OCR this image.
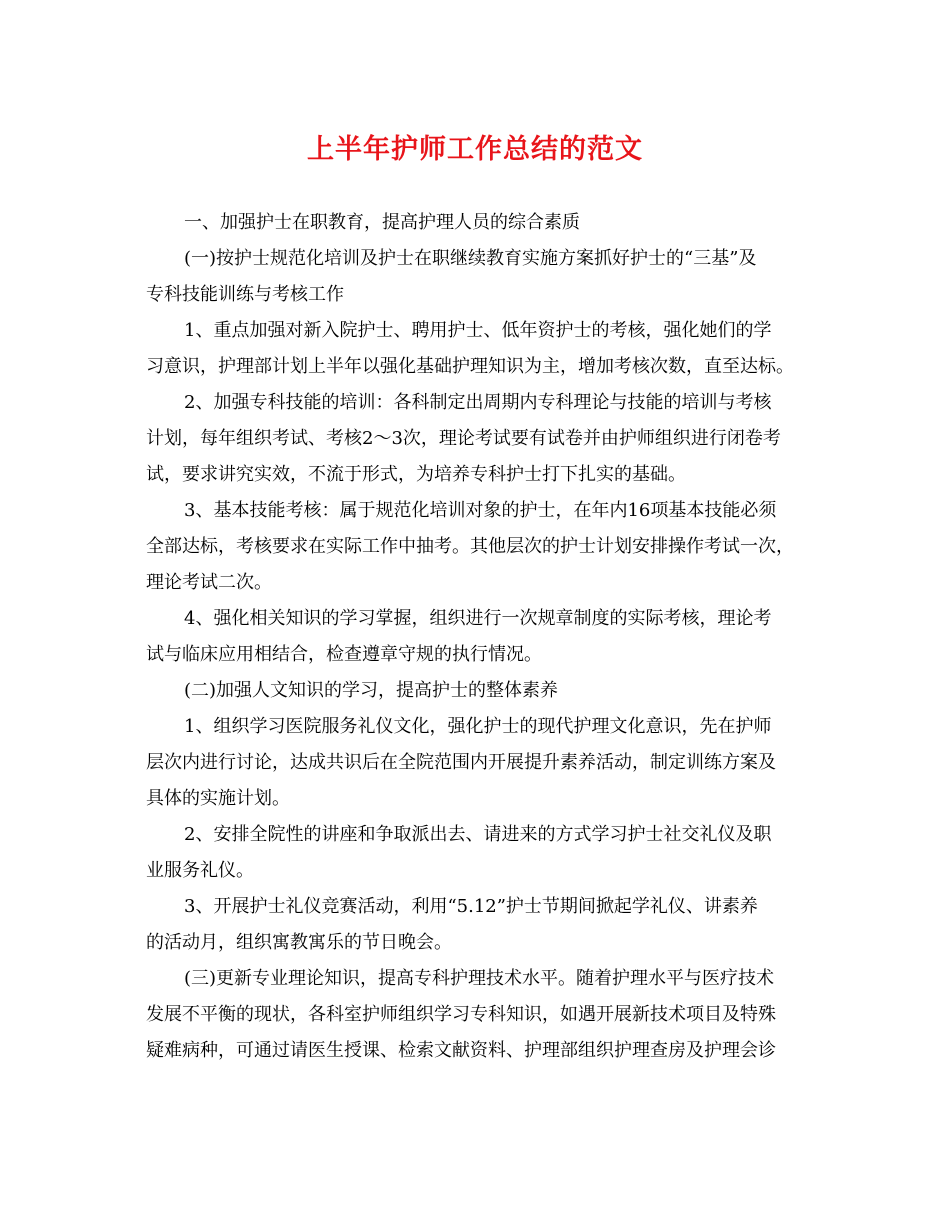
上半年护师工作总结的范文
一、加强护士在职教育，提高护理人员的综合素质
(一)按护士规范化培训及护士在职继续教育实施方案抓好护士的“三基”及
专科技能训练与考核工作
1、重点加强对新入院护士、聘用护士、低年资护士的考核，强化她们的学
习意识，护理部计划上半年以强化基础护理知识为主，增加考核次数，直至达标。
2、加强专科技能的培训：各科制定出周期内专科理论与技能的培训与考核
计划，每年组织考试、考核2～3次，理论考试要有试卷并由护师组织进行闭卷考
试，要求讲究实效，不流于形式，为培养专科护士打下扎实的基础。
3、基本技能考核：属于规范化培训对象的护士，在年内16项基本技能必须
全部达标，考核要求在实际工作中抽考。其他层次的护士计划安排操作考试一次，
理论考试二次。
4、强化相关知识的学习掌握，组织进行一次规章制度的实际考核，理论考
试与临床应用相结合，检查遵章守规的执行情况。
(二)加强人文知识的学习，提高护士的整体素养
1、组织学习医院服务礼仪文化，强化护士的现代护理文化意识，先在护师
层次内进行讨论，达成共识后在全院范围内开展提升素养活动，制定训练方案及
具体的实施计划。
2、安排全院性的讲座和争取派出去、请进来的方式学习护士社交礼仪及职
业服务礼仪。
3、开展护士礼仪竞赛活动，利用“5.12”护士节期间掀起学礼仪、讲素养
的活动月，组织寓教寓乐的节日晚会。
(三)更新专业理论知识，提高专科护理技术水平。随着护理水平与医疗技术
发展不平衡的现状，各科室护师组织学习专科知识，如遇开展新技术项目及特殊
疑难病种，可通过请医生授课、检索文献资料、护理部组织护理查房及护理会诊
